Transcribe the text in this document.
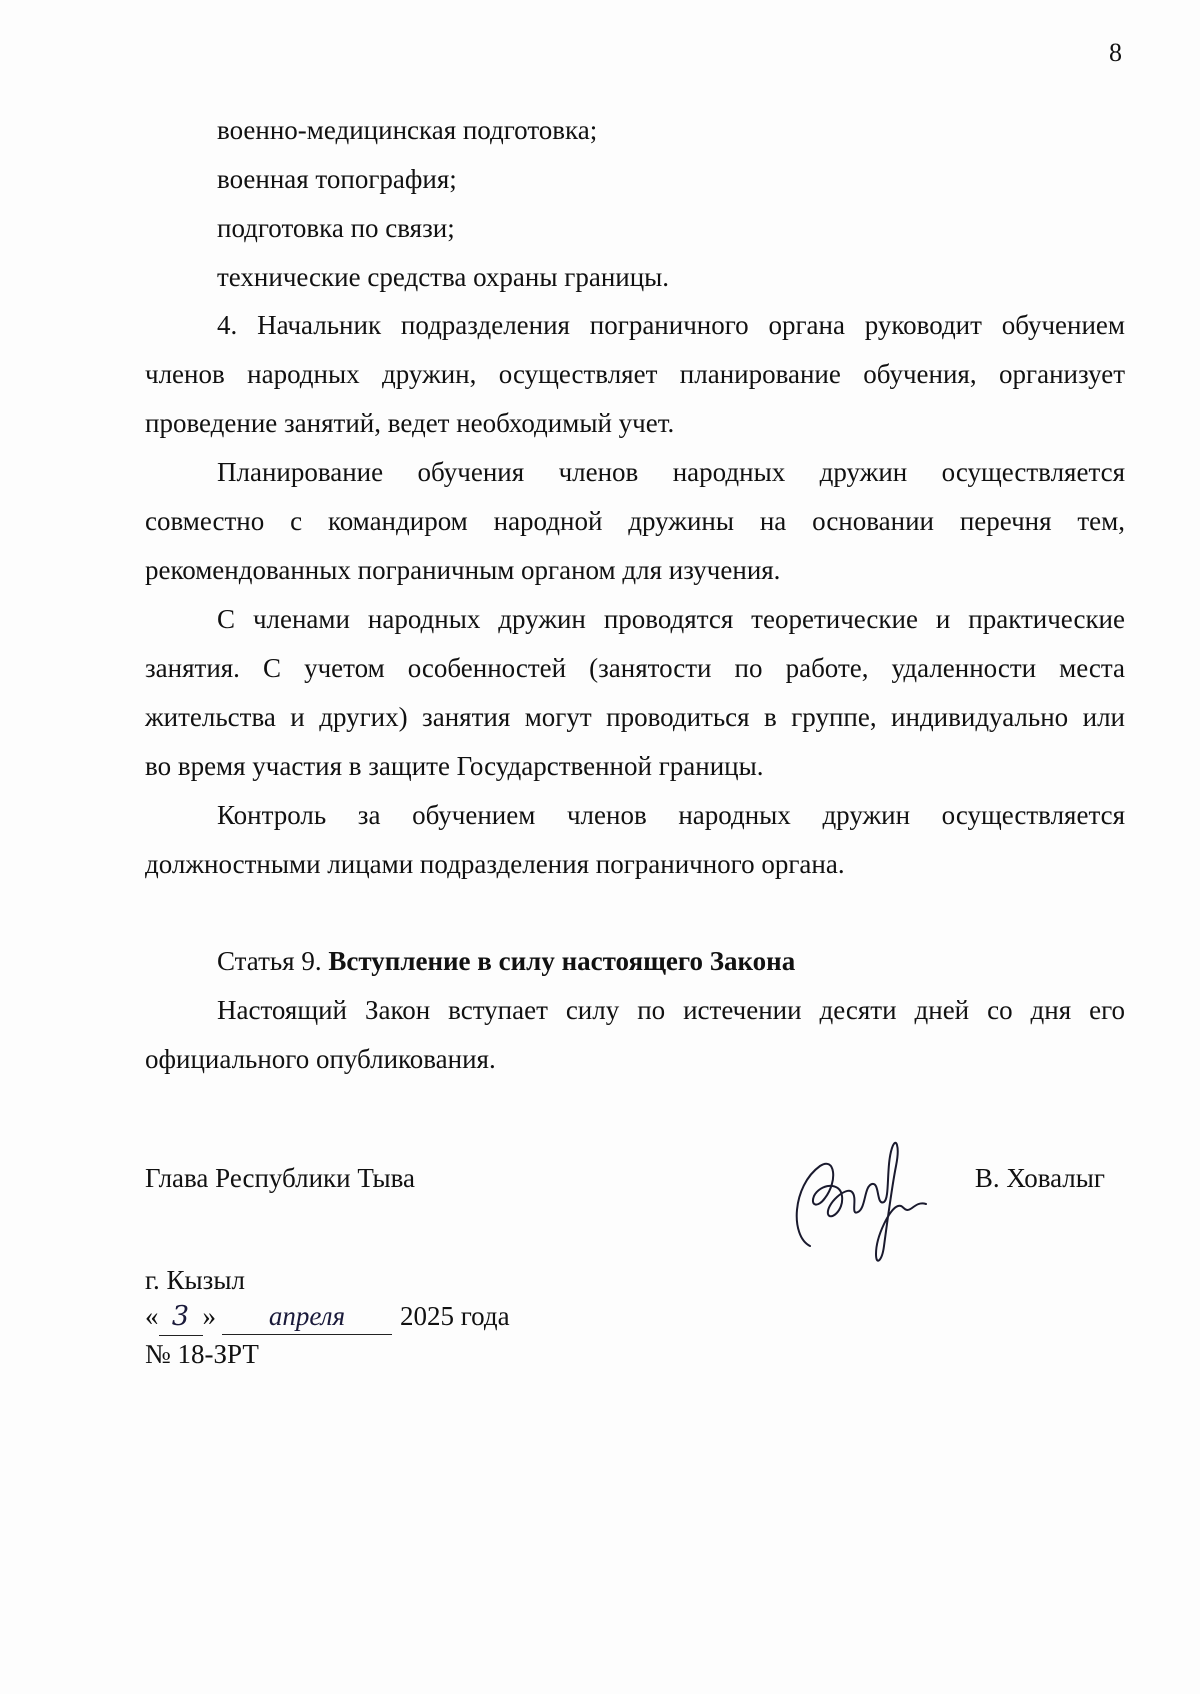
8
военно-медицинская подготовка;
военная топография;
подготовка по связи;
технические средства охраны границы.
4. Начальник подразделения пограничного органа руководит обучением
членов народных дружин, осуществляет планирование обучения, организует
проведение занятий, ведет необходимый учет.
Планирование обучения членов народных дружин осуществляется
совместно с командиром народной дружины на основании перечня тем,
рекомендованных пограничным органом для изучения.
С членами народных дружин проводятся теоретические и практические
занятия. С учетом особенностей (занятости по работе, удаленности места
жительства и других) занятия могут проводиться в группе, индивидуально или
во время участия в защите Государственной границы.
Контроль за обучением членов народных дружин осуществляется
должностными лицами подразделения пограничного органа.
Статья 9. Вступление в силу настоящего Закона
Настоящий Закон вступает силу по истечении десяти дней со дня его
официального опубликования.
Глава Республики Тыва	В. Ховалыг
г. Кызыл
« 3 » апреля 2025 года
№ 18-ЗРТ
